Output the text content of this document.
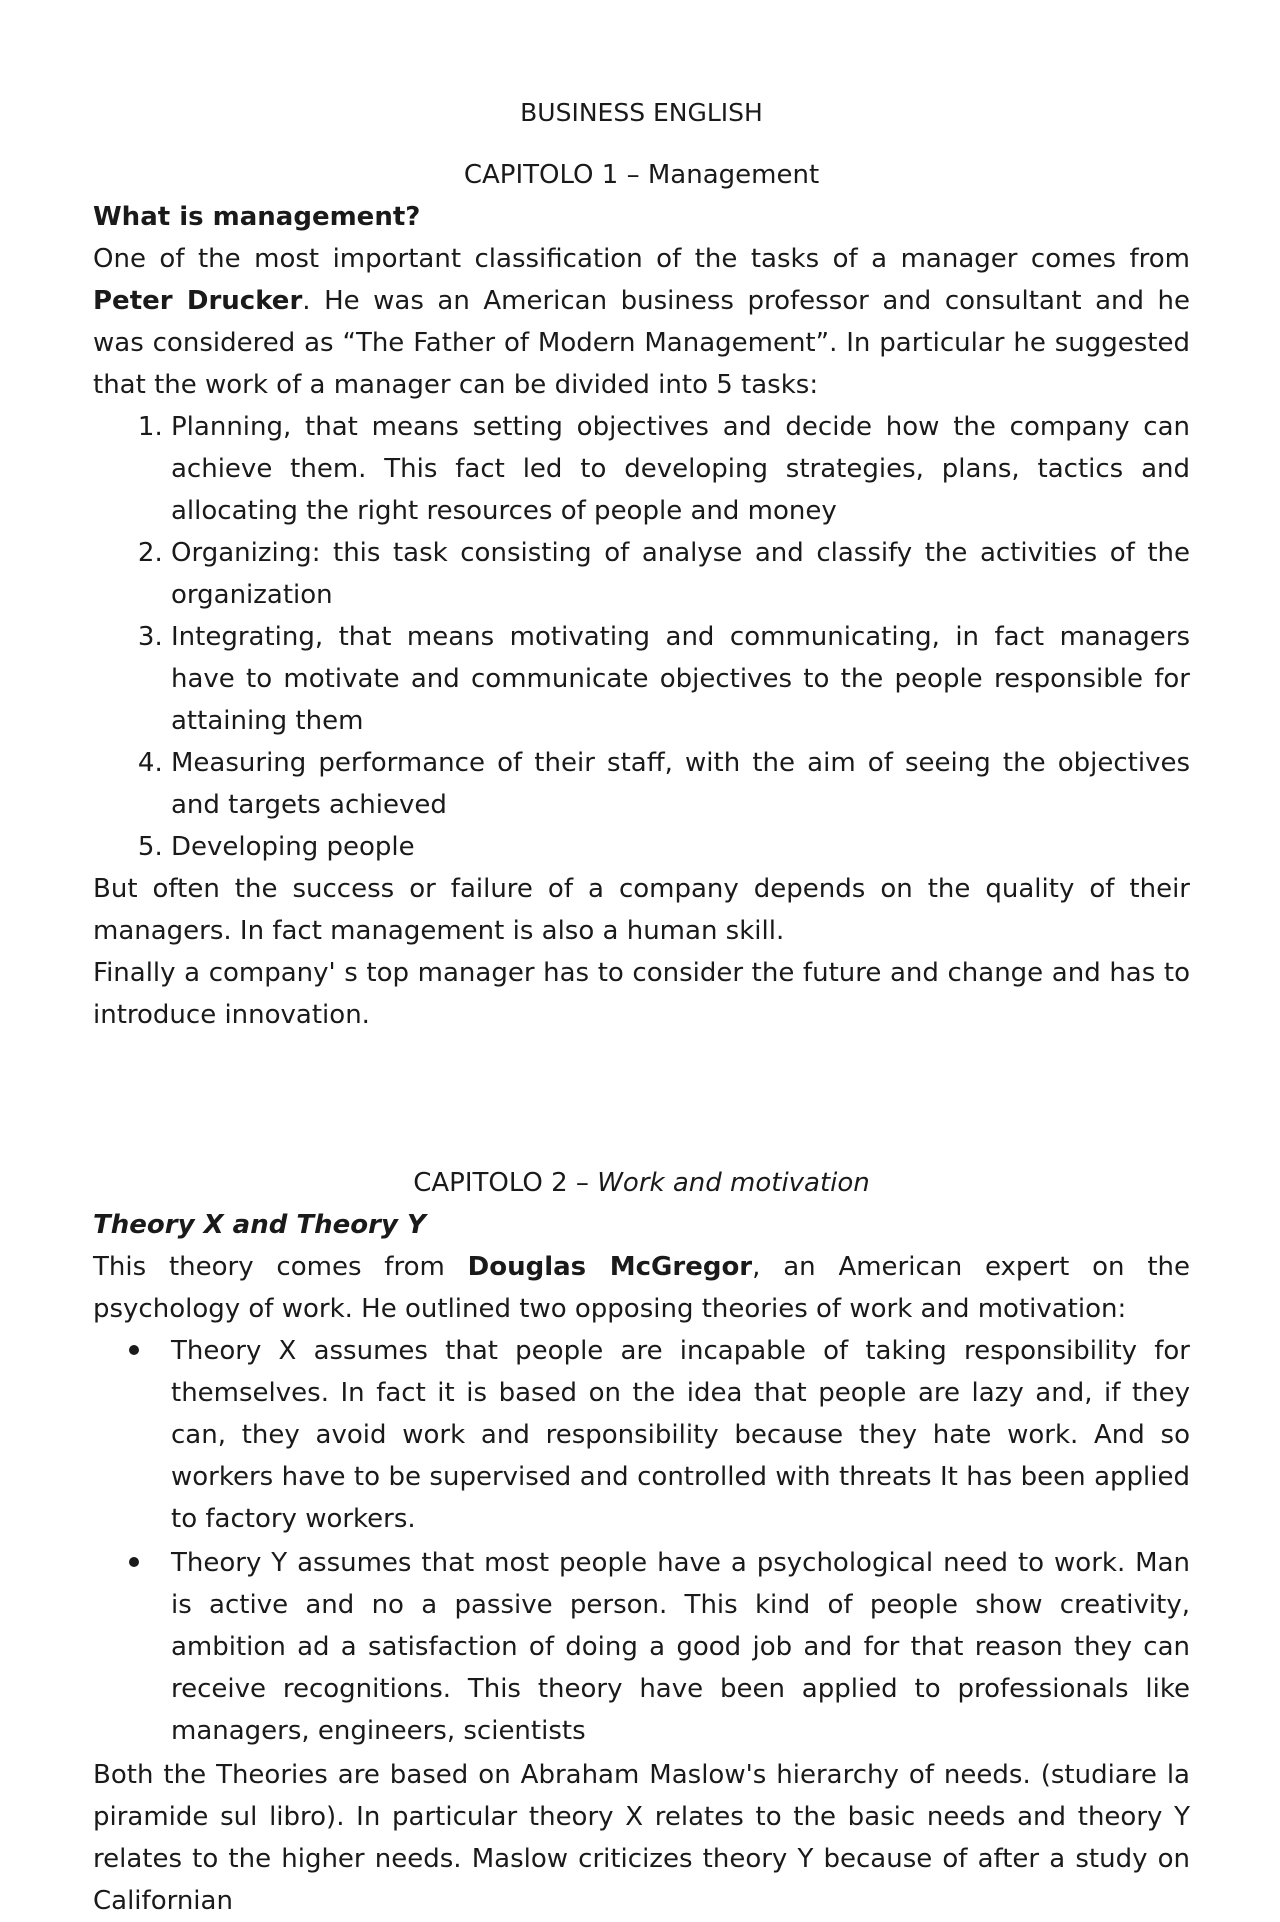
BUSINESS ENGLISH

CAPITOLO 1 – Management

What is management?

One of the most important classification of the tasks of a manager comes from Peter Drucker. He was an American business professor and consultant and he was considered as “The Father of Modern Management”. In particular he suggested that the work of a manager can be divided into 5 tasks:

1. Planning, that means setting objectives and decide how the company can achieve them. This fact led to developing strategies, plans, tactics and allocating the right resources of people and money
2. Organizing: this task consisting of analyse and classify the activities of the organization
3. Integrating, that means motivating and communicating, in fact managers have to motivate and communicate objectives to the people responsible for attaining them
4. Measuring performance of their staff, with the aim of seeing the objectives and targets achieved
5. Developing people

But often the success or failure of a company depends on the quality of their managers. In fact management is also a human skill.

Finally a company' s top manager has to consider the future and change and has to introduce innovation.

CAPITOLO 2 – Work and motivation

Theory X and Theory Y

This theory comes from Douglas McGregor, an American expert on the psychology of work. He outlined two opposing theories of work and motivation:

Theory X assumes that people are incapable of taking responsibility for themselves. In fact it is based on the idea that people are lazy and, if they can, they avoid work and responsibility because they hate work. And so workers have to be supervised and controlled with threats It has been applied to factory workers.
Theory Y assumes that most people have a psychological need to work. Man is active and no a passive person. This kind of people show creativity, ambition ad a satisfaction of doing a good job and for that reason they can receive recognitions. This theory have been applied to professionals like managers, engineers, scientists

Both the Theories are based on Abraham Maslow's hierarchy of needs. (studiare la piramide sul libro). In particular theory X relates to the basic needs and theory Y relates to the higher needs. Maslow criticizes theory Y because of after a study on Californian
